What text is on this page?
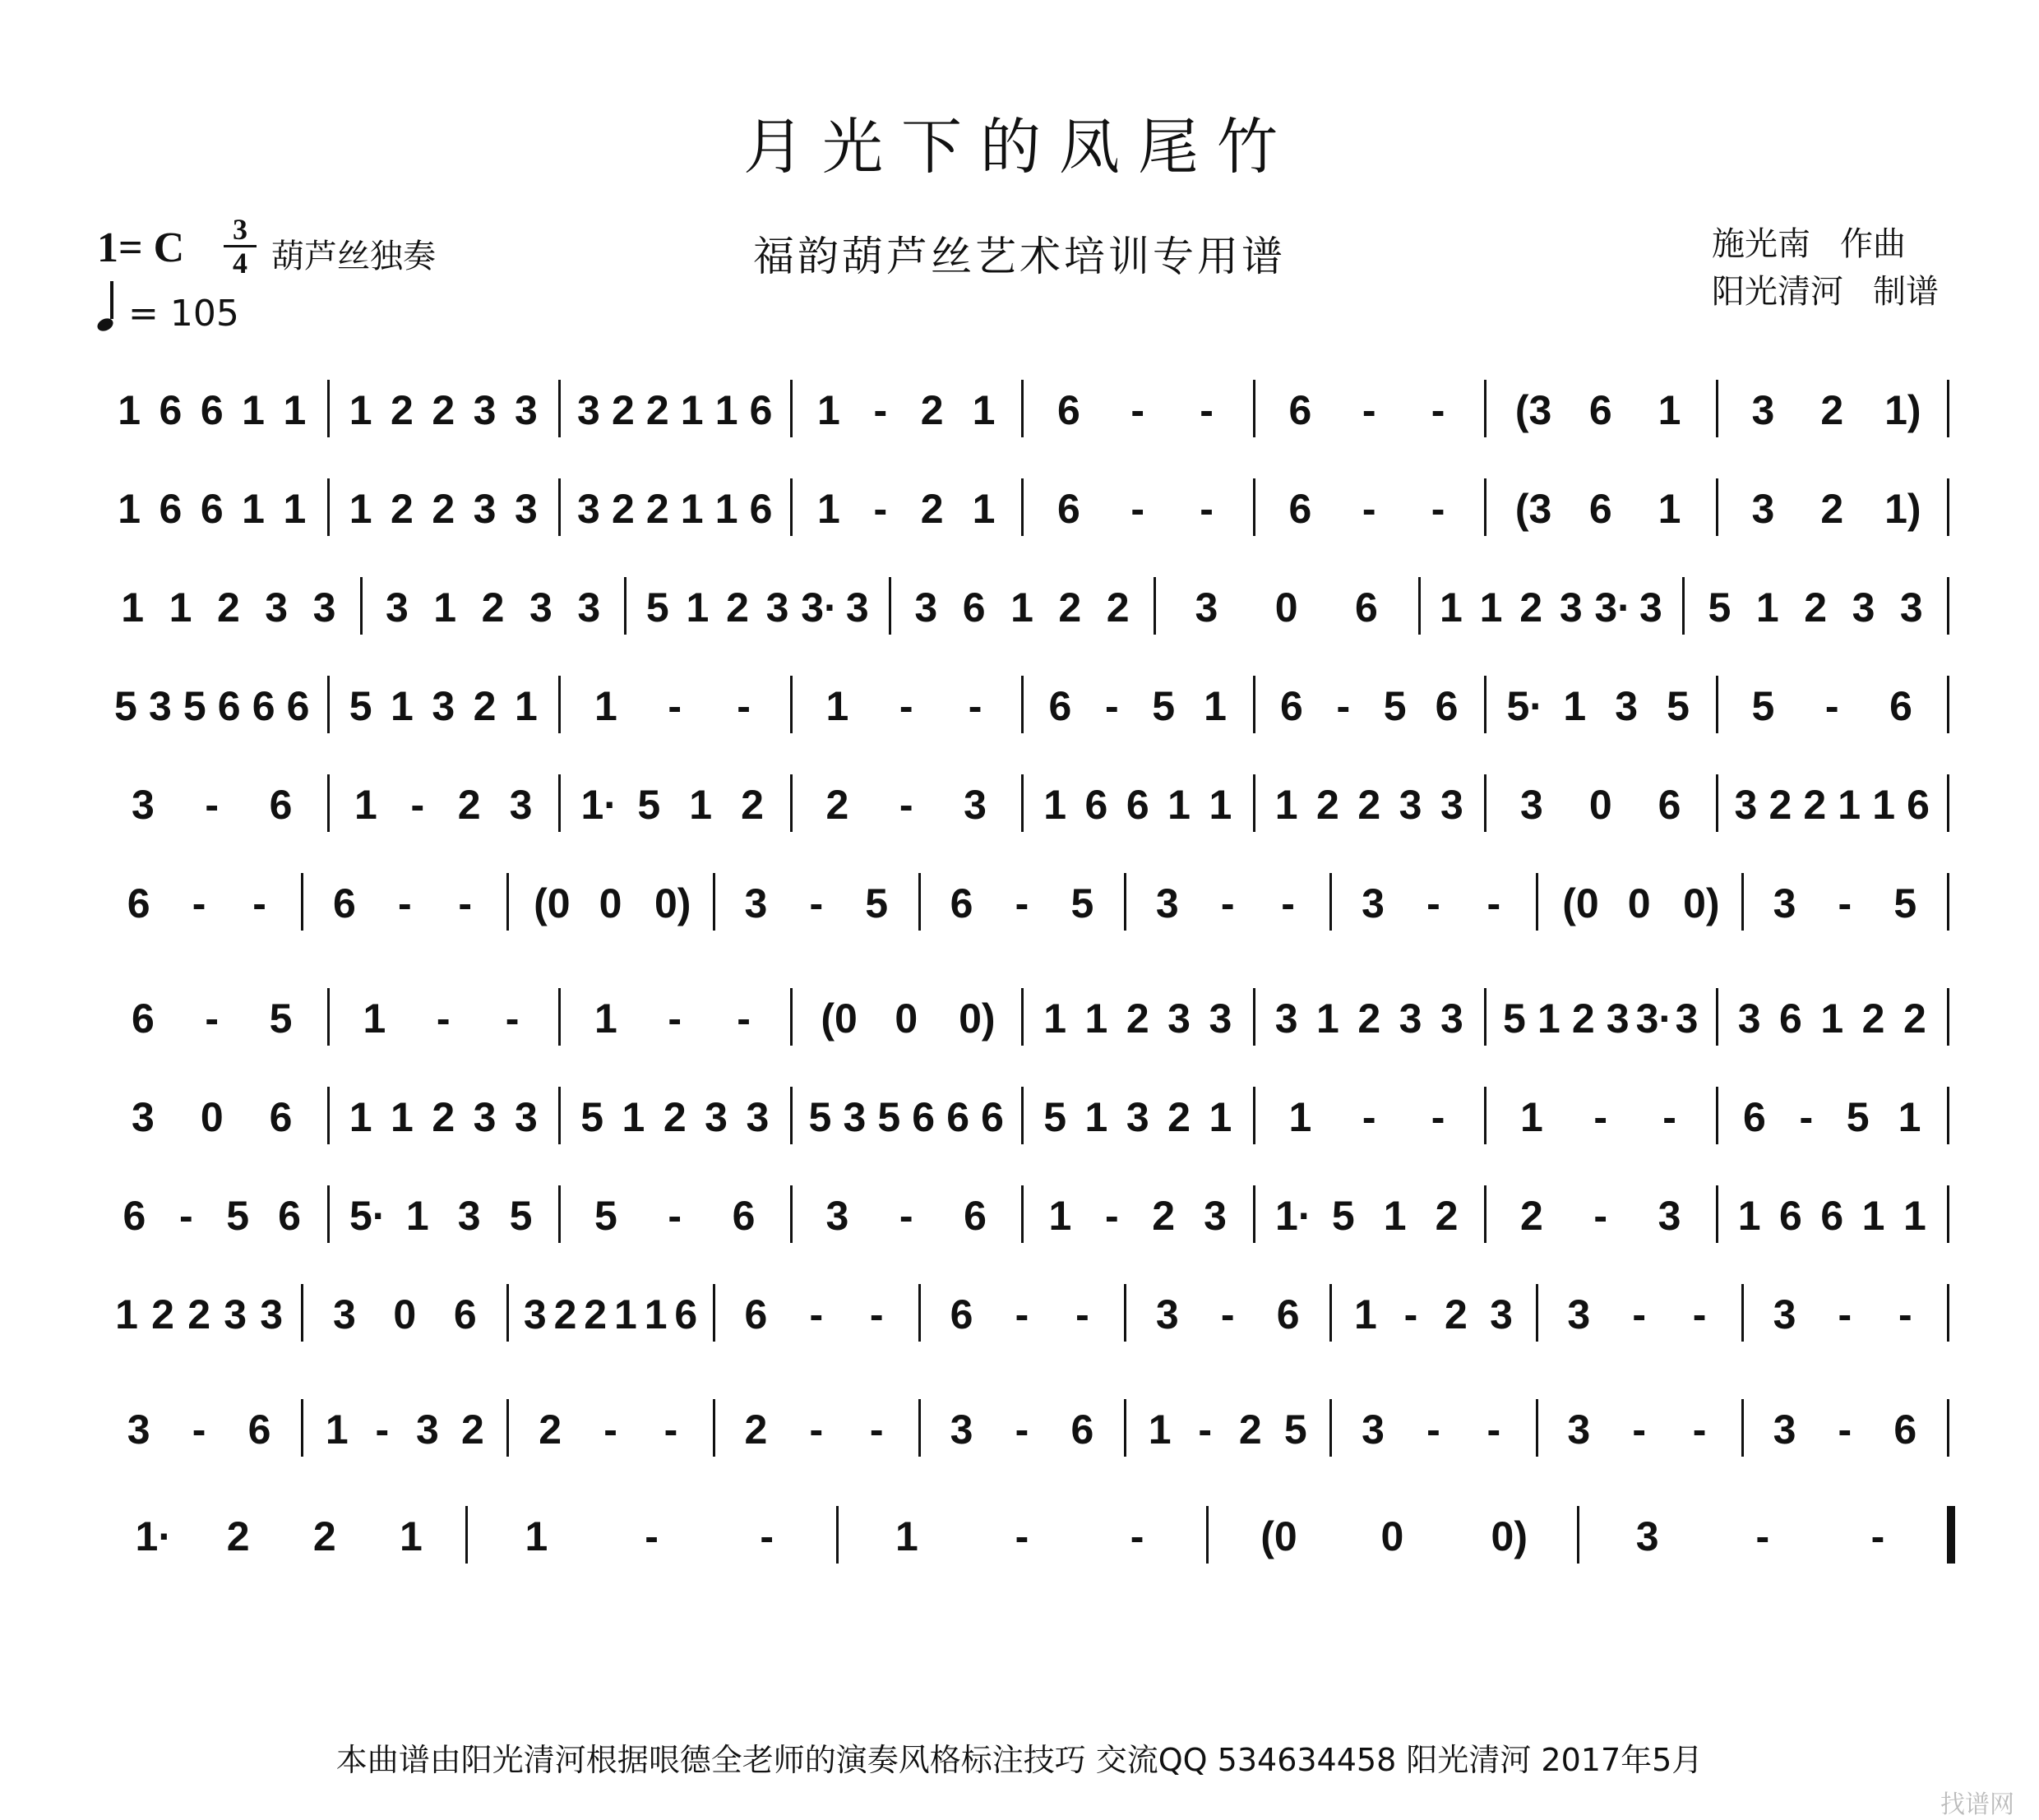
月光下的凤尾竹
福韵葫芦丝艺术培训专用谱
1= C	3
4 葫芦丝独奏
= 105
施光南 作曲
阳光清河 制谱
1 6 6 1 1 1 2 2 3 3 3 2 2 1 1 6 1 - 2 1 6 - - 6 - - (3 6 1 3 2 1)
1 6 6 1 1 1 2 2 3 3 3 2 2 1 1 6 1 - 2 1 6 - - 6 - - (3 6 1 3 2 1)
1 1 2 3 3 3 1 2 3 3 5 1 2 3 3· 3 3 6 1 2 2 3 0 6 1 1 2 3 3· 3 5 1 2 3 3
5 3 5 6 6 6 5 1 3 2 1 1 - - 1 - - 6 - 5 1 6 - 5 6 5· 1 3 5 5 - 6
3 - 6 1 - 2 3 1· 5 1 2 2 - 3 1 6 6 1 1 1 2 2 3 3 3 0 6 3 2 2 1 1 6
6 - - 6 - - (0 0 0) 3 - 5 6 - 5 3 - - 3 - - (0 0 0) 3 - 5
6 - 5 1 - - 1 - - (0 0 0) 1 1 2 3 3 3 1 2 3 3 5 1 2 3 3· 3 3 6 1 2 2
3 0 6 1 1 2 3 3 5 1 2 3 3 5 3 5 6 6 6 5 1 3 2 1 1 - - 1 - - 6 - 5 1
6 - 5 6 5· 1 3 5 5 - 6 3 - 6 1 - 2 3 1· 5 1 2 2 - 3 1 6 6 1 1
1 2 2 3 3 3 0 6 3 2 2 1 1 6 6 - - 6 - - 3 - 6 1 - 2 3 3 - - 3 - -
3 - 6 1 - 3 2 2 - - 2 - - 3 - 6 1 - 2 5 3 - - 3 - - 3 - 6
1· 2 2 1 1 - -	1 - -	(0 0 0)	3 - -
本曲谱由阳光清河根据哏德全老师的演奏风格标注技巧 交流QQ 534634458 阳光清河 2017年5月
找谱网
